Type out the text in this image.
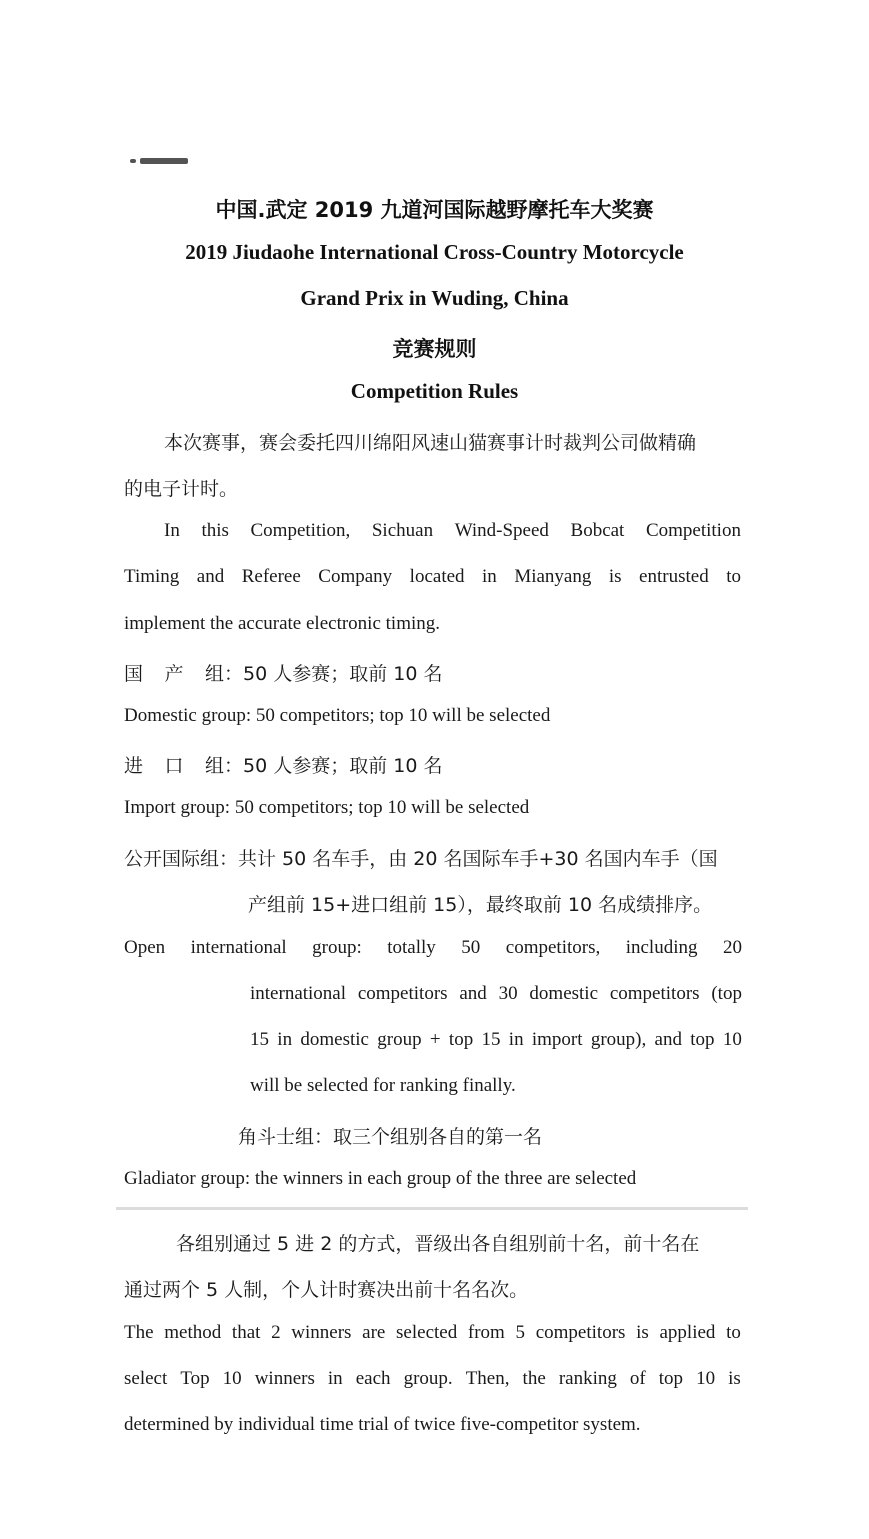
中国.武定 2019 九道河国际越野摩托车大奖赛
2019 Jiudaohe International Cross-Country Motorcycle
Grand Prix in Wuding, China
竞赛规则
Competition Rules
本次赛事，赛会委托四川绵阳风速山猫赛事计时裁判公司做精确
的电子计时。
In this Competition, Sichuan Wind-Speed Bobcat Competition
Timing and Referee Company located in Mianyang is entrusted to
implement the accurate electronic timing.
国 产 组 ：50 人参赛；取前 10 名
Domestic group: 50 competitors; top 10 will be selected
进 口 组 ：50 人参赛；取前 10 名
Import group: 50 competitors; top 10 will be selected
公开国际组：共计 50 名车手，由 20 名国际车手+30 名国内车手（国
产组前 15+进口组前 15），最终取前 10 名成绩排序。
Open international group: totally 50 competitors, including 20
international competitors and 30 domestic competitors (top
15 in domestic group + top 15 in import group), and top 10
will be selected for ranking finally.
角斗士组：取三个组别各自的第一名
Gladiator group: the winners in each group of the three are selected
各组别通过 5 进 2 的方式，晋级出各自组别前十名，前十名在
通过两个 5 人制，个人计时赛决出前十名名次。
The method that 2 winners are selected from 5 competitors is applied to
select Top 10 winners in each group. Then, the ranking of top 10 is
determined by individual time trial of twice five-competitor system.
